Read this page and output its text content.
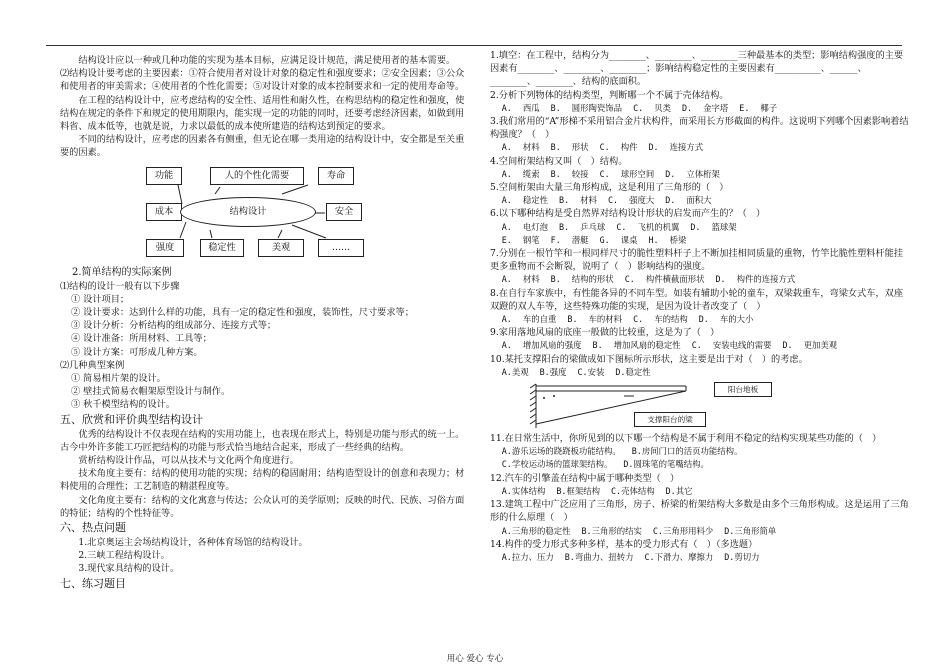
结构设计应以一种或几种功能的实现为基本目标，应满足设计规范，满足使用者的基本需要。

⑵结构设计要考虑的主要因素：①符合使用者对设计对象的稳定性和强度要求；②安全因素；③公众和使用者的审美需求；④使用者的个性化需要；⑤对设计对象的成本控制要求和一定的使用寿命等。

在工程的结构设计中，应考虑结构的安全性、适用性和耐久性，在构思结构的稳定性和强度，使结构在规定的条件下和规定的使用期限内，能实现一定的功能的同时，还要考虑经济因素，如做到用料省、成本低等，也就是说，力求以最低的成本使所建造的结构达到预定的要求。

不同的结构设计，应考虑的因素各有侧重，但无论在哪一类用途的结构设计中，安全都是至关重要的因素。

功能	人的个性化需要	寿命
成本	结构设计	安全
强度	稳定性	美观	……

2.简单结构的实际案例

⑴结构的设计一般有以下步骤

① 设计项目；

② 设计要求：达到什么样的功能，具有一定的稳定性和强度，装饰性，尺寸要求等；

③ 设计分析：分析结构的组成部分、连接方式等；

④ 设计准备：所用材料、工具等；

⑤ 设计方案：可形成几种方案。

⑵几种典型案例

① 简易相片架的设计。

② 壁挂式简易衣帽架原型设计与制作。

③ 秋千模型结构的设计。

五、欣赏和评价典型结构设计

优秀的结构设计不仅表现在结构的实用功能上，也表现在形式上，特别是功能与形式的统一上。古今中外许多能工巧匠把结构的功能与形式恰当地结合起来，形成了一些经典的结构。

赏析结构设计作品，可以从技术与文化两个角度进行。

技术角度主要有：结构的使用功能的实现；结构的稳固耐用；结构造型设计的创意和表现力；材料使用的合理性；工艺制造的精湛程度等。

文化角度主要有：结构的文化寓意与传达；公众认可的美学原则；反映的时代、民族、习俗方面的特征；结构的个性特征等。

六、热点问题

1.北京奥运主会场结构设计，各种体育场馆的结构设计。

2.三峡工程结构设计。

3.现代家具结构的设计。

七、练习题目

1.填空：在工程中，结构分为________、________、________三种最基本的类型；影响结构强度的主要因素有________、________、________；影响结构稳定性的主要因素有__________、______、________、________、结构的底面积。

2.分析下列物体的结构类型，判断哪一个不属于壳体结构。

A. 西瓜 B. 圆形陶瓷饰品 C. 贝类 D. 金字塔 E. 椰子

3.我们常用的“A”形梯不采用铝合金片状构件，而采用长方形截面的构件。这说明下列哪个因素影响着结构强度？（　）

A. 材料 B. 形状 C. 构件 D. 连接方式

4.空间桁架结构又叫（　）结构。

A. 缆索 B. 较接 C. 球形空间 D. 立体桁架

5.空间桁架由大量三角形构成，这是利用了三角形的（　）

A. 稳定性 B. 材料 C. 强度大 D. 面积大

6.以下哪种结构是受自然界对结构设计形状的启发而产生的？（　）

A. 电灯泡 B. 乒乓球 C. 飞机的机翼 D. 篮球架

E. 钢笔 F. 潜艇 G. 课桌 H. 桥梁

7.分别在一根竹竿和一根同样尺寸的脆性塑料杆子上不断加挂相同质量的重物，竹竿比脆性塑料杆能挂更多重物而不会断裂，说明了（　）影响结构的强度。

A. 材料 B. 结构的形状 C. 构件横截面形状 D. 构件的连接方式

8.在自行车家族中，有性能各异的不同车型。如装有辅助小轮的童车，双梁载重车，弯梁女式车，双座双蹬的双人车等，这些特殊功能的实现，是因为设计者改变了（　）

A. 车的自重 B. 车的材料 C. 车的结构 D. 车的大小

9.家用落地风扇的底座一般做的比较重，这是为了（　）

A. 增加风扇的强度 B. 增加风扇的稳定性 C. 安装电线的需要 D. 更加美观

10.某托支撑阳台的梁做成如下图标所示形状，这主要是出于对（　）的考虑。

A.美观 B.强度 C.安装 D.稳定性

阳台地板
支撑阳台的梁

11.在日常生活中，你所见到的以下哪一个结构是不属于利用不稳定的结构实现某些功能的（　）

A.游乐运场的跷跷板功能结构。 B.房间门口的活页功能结构。

C.学校运动场的篮球架结构。 D.圆珠笔的笔嘴结构。

12.汽车的引擎盖在结构中属于哪种类型（　）

A.实体结构 B.框架结构 C.壳体结构 D.其它

13.建筑工程中广泛应用了三角形，房子、桥梁的桁架结构大多数是由多个三角形构成。这是运用了三角形的什么原理（　）

A.三角形的稳定性 B.三角形的结实 C.三角形用料少 D.三角形简单

14.构件的受力形式多种多样，基本的受力形式有（　）（多选题）

A.拉力、压力 B.弯曲力、扭转力 C.下滑力、摩擦力 D.剪切力

用心 爱心 专心
